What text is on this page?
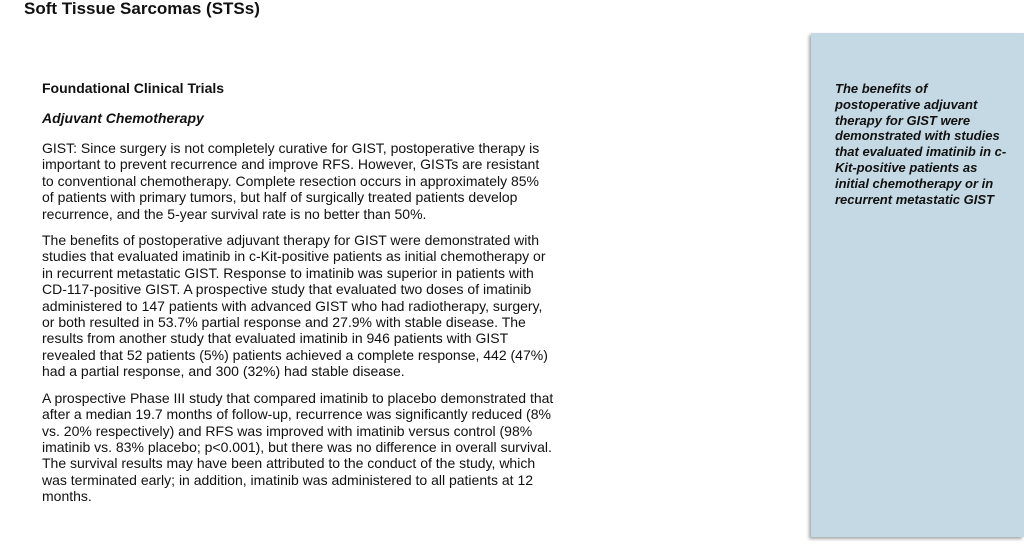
Soft Tissue Sarcomas (STSs)
Foundational Clinical Trials
Adjuvant Chemotherapy

GIST: Since surgery is not completely curative for GIST, postoperative therapy is important to prevent recurrence and improve RFS. However, GISTs are resistant to conventional chemotherapy. Complete resection occurs in approximately 85% of patients with primary tumors, but half of surgically treated patients develop recurrence, and the 5-year survival rate is no better than 50%.

The benefits of postoperative adjuvant therapy for GIST were demonstrated with studies that evaluated imatinib in c-Kit-positive patients as initial chemotherapy or in recurrent metastatic GIST. Response to imatinib was superior in patients with CD-117-positive GIST. A prospective study that evaluated two doses of imatinib administered to 147 patients with advanced GIST who had radiotherapy, surgery, or both resulted in 53.7% partial response and 27.9% with stable disease. The results from another study that evaluated imatinib in 946 patients with GIST revealed that 52 patients (5%) patients achieved a complete response, 442 (47%) had a partial response, and 300 (32%) had stable disease.

A prospective Phase III study that compared imatinib to placebo demonstrated that after a median 19.7 months of follow-up, recurrence was significantly reduced (8% vs. 20% respectively) and RFS was improved with imatinib versus control (98% imatinib vs. 83% placebo; p<0.001), but there was no difference in overall survival. The survival results may have been attributed to the conduct of the study, which was terminated early; in addition, imatinib was administered to all patients at 12 months.

The benefits of postoperative adjuvant therapy for GIST were demonstrated with studies that evaluated imatinib in c-Kit-positive patients as initial chemotherapy or in recurrent metastatic GIST
